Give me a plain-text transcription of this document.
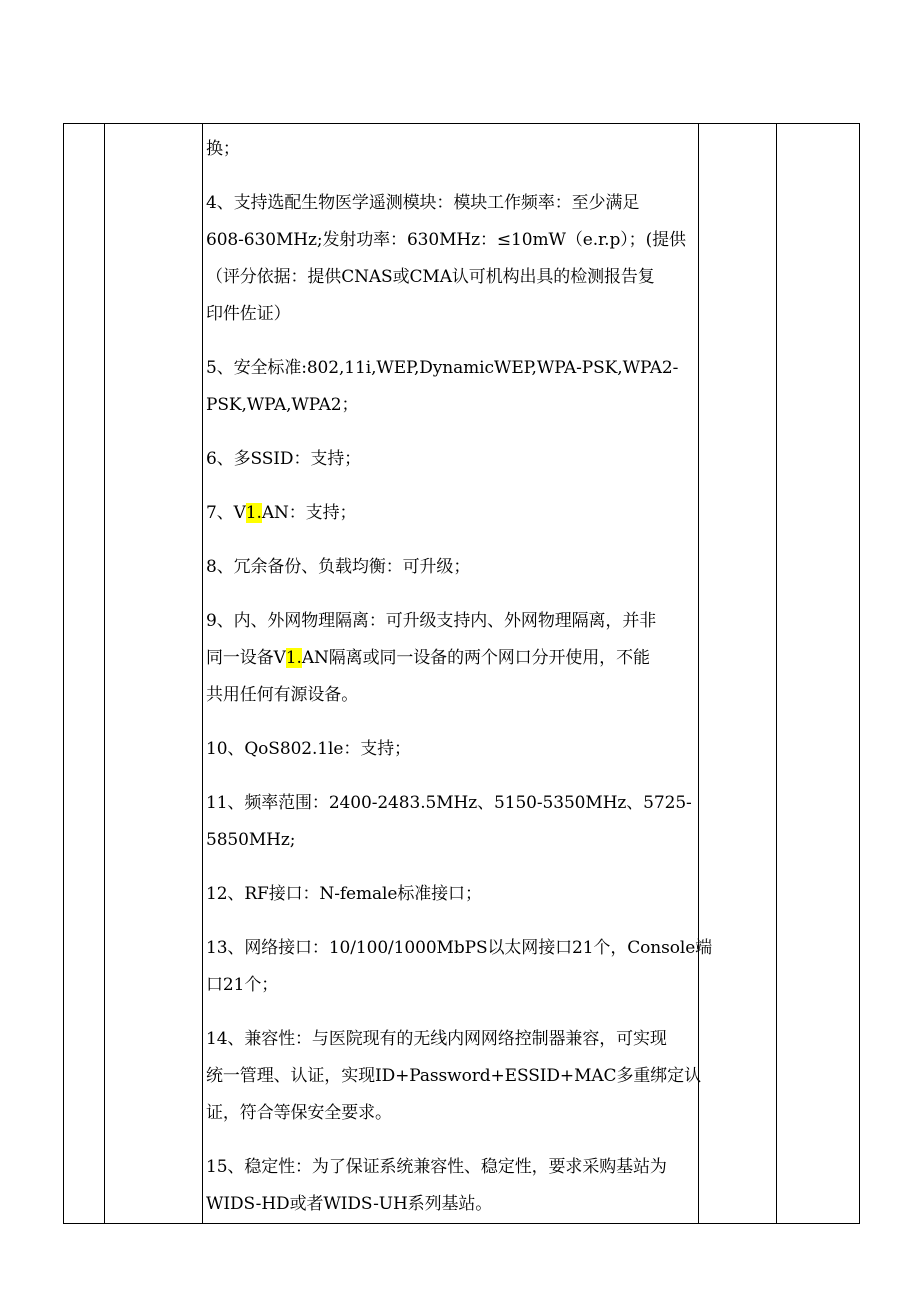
换；
4、支持选配生物医学遥测模块：模块工作频率：至少满足
608-630MHz;发射功率：630MHz：≤10mW（e.r.p）；(提供
（评分依据：提供CNAS或CMA认可机构出具的检测报告复
印件佐证）
5、安全标准:802,11i,WEP,DynamicWEP,WPA-PSK,WPA2-
PSK,WPA,WPA2；
6、多SSID：支持；
7、V1.AN：支持；
8、冗余备份、负载均衡：可升级；
9、内、外网物理隔离：可升级支持内、外网物理隔离，并非
同一设备V1.AN隔离或同一设备的两个网口分开使用，不能
共用任何有源设备。
10、QoS802.1le：支持；
11、频率范围：2400-2483.5MHz、5150-5350MHz、5725-
5850MHz;
12、RF接口：N-female标准接口；
13、网络接口：10/100/1000MbPS以太网接口21个，Console端
口21个；
14、兼容性：与医院现有的无线内网网络控制器兼容，可实现
统一管理、认证，实现ID+Password+ESSID+MAC多重绑定认
证，符合等保安全要求。
15、稳定性：为了保证系统兼容性、稳定性，要求采购基站为
WIDS-HD或者WIDS-UH系列基站。
